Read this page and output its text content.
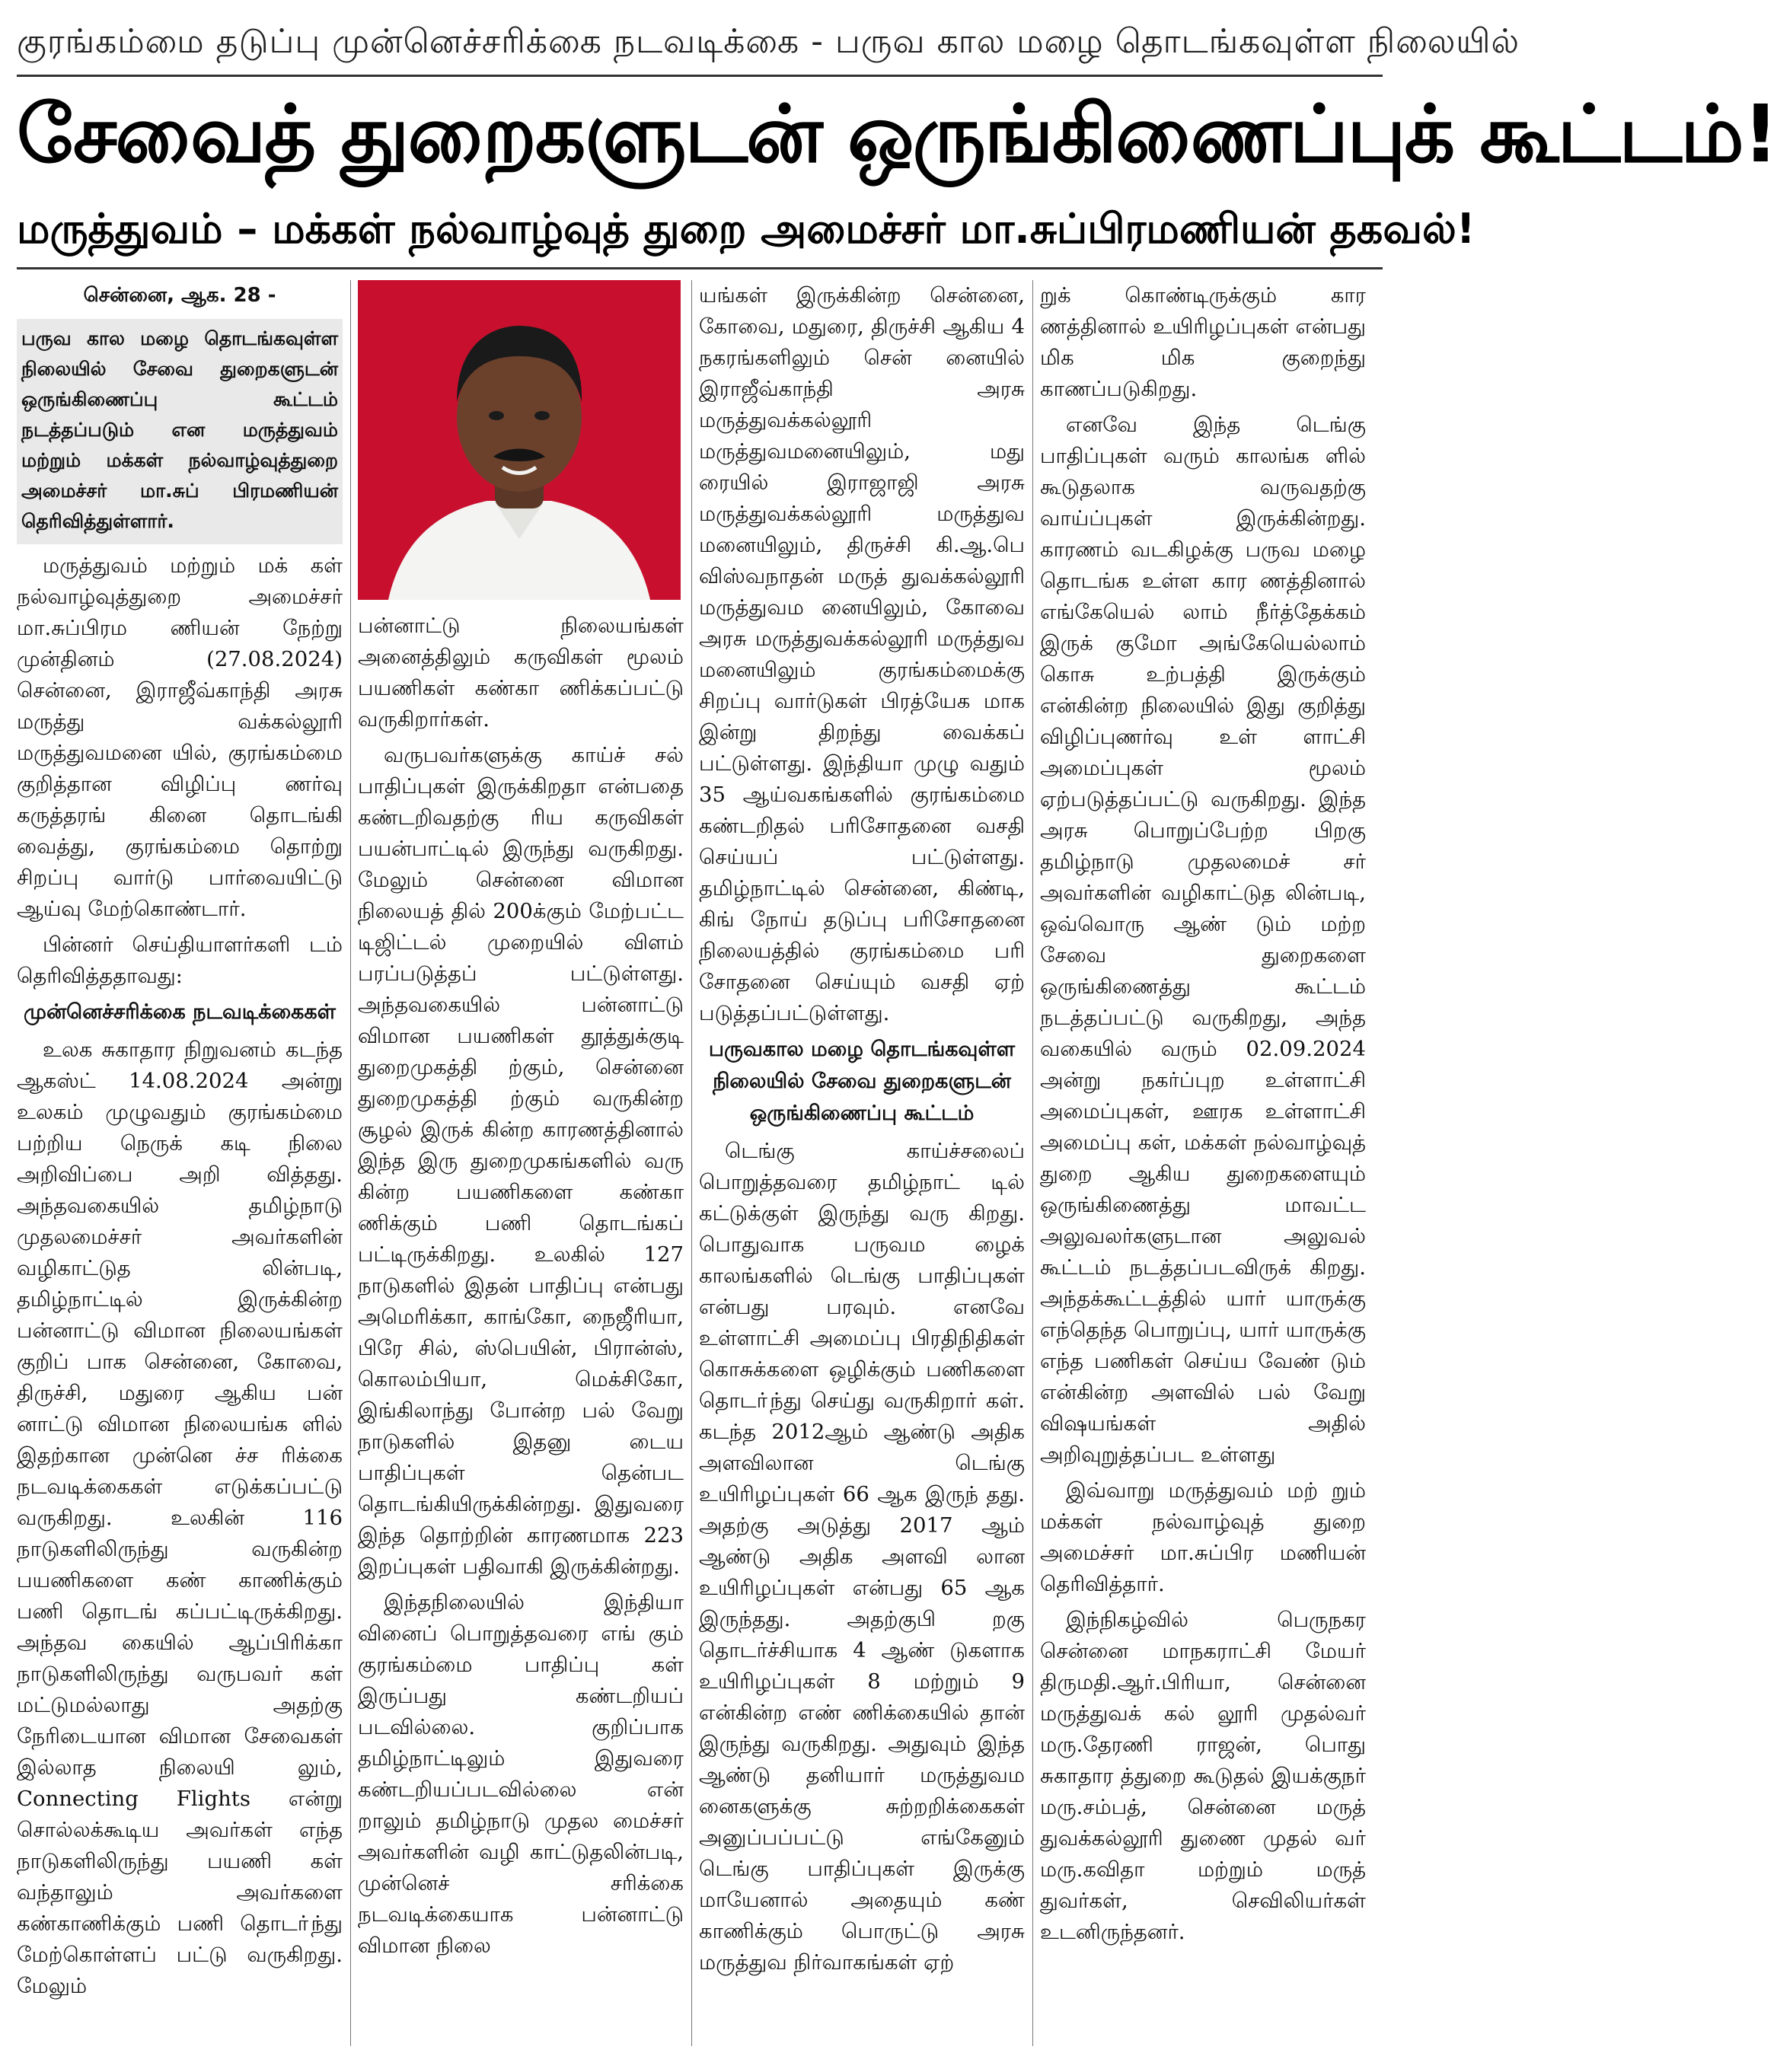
குரங்கம்மை தடுப்பு முன்னெச்சரிக்கை நடவடிக்கை - பருவ கால மழை தொடங்கவுள்ள நிலையில்
சேவைத் துறைகளுடன் ஒருங்கிணைப்புக் கூட்டம்!
மருத்துவம் – மக்கள் நல்வாழ்வுத் துறை அமைச்சர் மா.சுப்பிரமணியன் தகவல்!
சென்னை, ஆக. 28 -
பருவ கால மழை தொடங்கவுள்ள நிலையில் சேவை துறைகளுடன் ஒருங்கிணைப்பு கூட்டம் நடத்தப்படும் என மருத்துவம் மற்றும் மக்கள் நல்வாழ்வுத்துறை அமைச்சர் மா.சுப் பிரமணியன் தெரிவித்துள்ளார்.

மருத்துவம் மற்றும் மக் கள் நல்வாழ்வுத்துறை அமைச்சர் மா.சுப்பிரம ணியன் நேற்று முன்தினம் (27.08.2024) சென்னை, இராஜீவ்காந்தி அரசு மருத்து வக்கல்லூரி மருத்துவமனை யில், குரங்கம்மை குறித்தான விழிப்பு ணர்வு கருத்தரங் கினை தொடங்கி வைத்து, குரங்கம்மை தொற்று சிறப்பு வார்டு பார்வையிட்டு ஆய்வு மேற்கொண்டார்.

பின்னர் செய்தியாளர்களி டம் தெரிவித்ததாவது:

முன்னெச்சரிக்கை நடவடிக்கைகள்

உலக சுகாதார நிறுவனம் கடந்த ஆகஸ்ட் 14.08.2024 அன்று உலகம் முழுவதும் குரங்கம்மை பற்றிய நெருக் கடி நிலை அறிவிப்பை அறி வித்தது. அந்தவகையில் தமிழ்நாடு முதலமைச்சர் அவர்களின் வழிகாட்டுத லின்படி, தமிழ்நாட்டில் இருக்கின்ற பன்னாட்டு விமான நிலையங்கள் குறிப் பாக சென்னை, கோவை, திருச்சி, மதுரை ஆகிய பன் னாட்டு விமான நிலையங்க ளில் இதற்கான முன்னெ ச்ச ரிக்கை நடவடிக்கைகள் எடுக்கப்பட்டு வருகிறது. உலகின் 116 நாடுகளிலிருந்து வருகின்ற பயணிகளை கண் காணிக்கும் பணி தொடங் கப்பட்டிருக்கிறது. அந்தவ கையில் ஆப்பிரிக்கா நாடுகளிலிருந்து வருபவர் கள் மட்டுமல்லாது அதற்கு நேரிடையான விமான சேவைகள் இல்லாத நிலையி லும், Connecting Flights என்று சொல்லக்கூடிய அவர்கள் எந்த நாடுகளிலிருந்து பயணி கள் வந்தாலும் அவர்களை கண்காணிக்கும் பணி தொடா்ந்து மேற்கொள்ளப் பட்டு வருகிறது. மேலும்

பன்னாட்டு நிலையங்கள் அனைத்திலும் கருவிகள் மூலம் பயணிகள் கண்கா ணிக்கப்பட்டு வருகிறார்கள்.

வருபவர்களுக்கு காய்ச் சல் பாதிப்புகள் இருக்கிறதா என்பதை கண்டறிவதற்கு ரிய கருவிகள் பயன்பாட்டில் இருந்து வருகிறது. மேலும் சென்னை விமான நிலையத் தில் 200க்கும் மேற்பட்ட டிஜிட்டல் முறையில் விளம் பரப்படுத்தப் பட்டுள்ளது. அந்தவகையில் பன்னாட்டு விமான பயணிகள் தூத்துக்குடி துறைமுகத்தி ற்கும், சென்னை துறைமுகத்தி ற்கும் வருகின்ற சூழல் இருக் கின்ற காரணத்தினால் இந்த இரு துறைமுகங்களில் வரு கின்ற பயணிகளை கண்கா ணிக்கும் பணி தொடங்கப் பட்டிருக்கிறது. உலகில் 127 நாடுகளில் இதன் பாதிப்பு என்பது அமெரிக்கா, காங்கோ, நைஜீரியா, பிரே சில், ஸ்பெயின், பிரான்ஸ், கொலம்பியா, மெக்சிகோ, இங்கிலாந்து போன்ற பல் வேறு நாடுகளில் இதனு டைய பாதிப்புகள் தென்பட தொடங்கியிருக்கின்றது. இதுவரை இந்த தொற்றின் காரணமாக 223 இறப்புகள் பதிவாகி இருக்கின்றது.

இந்தநிலையில் இந்தியா வினைப் பொறுத்தவரை எங் கும் குரங்கம்மை பாதிப்பு கள் இருப்பது கண்டறியப் படவில்லை. குறிப்பாக தமிழ்நாட்டிலும் இதுவரை கண்டறியப்படவில்லை என் றாலும் தமிழ்நாடு முதல மைச்சர் அவர்களின் வழி காட்டுதலின்படி, முன்னெச் சரிக்கை நடவடிக்கையாக பன்னாட்டு விமான நிலை

யங்கள் இருக்கின்ற சென்னை, கோவை, மதுரை, திருச்சி ஆகிய 4 நகரங்களிலும் சென் னையில் இராஜீவ்காந்தி அரசு மருத்துவக்கல்லூரி மருத்துவமனையிலும், மது ரையில் இராஜாஜி அரசு மருத்துவக்கல்லூரி மருத்துவ மனையிலும், திருச்சி கி.ஆ.பெ விஸ்வநாதன் மருத் துவக்கல்லூரி மருத்துவம னையிலும், கோவை அரசு மருத்துவக்கல்லூரி மருத்துவ மனையிலும் குரங்கம்மைக்கு சிறப்பு வார்டுகள் பிரத்யேக மாக இன்று திறந்து வைக்கப் பட்டுள்ளது. இந்தியா முழு வதும் 35 ஆய்வகங்களில் குரங்கம்மை கண்டறிதல் பரிசோதனை வசதி செய்யப் பட்டுள்ளது. தமிழ்நாட்டில் சென்னை, கிண்டி, கிங் நோய் தடுப்பு பரிசோதனை நிலையத்தில் குரங்கம்மை பரி சோதனை செய்யும் வசதி ஏற் படுத்தப்பட்டுள்ளது.

பருவகால மழை தொடங்கவுள்ள நிலையில் சேவை துறைகளுடன் ஒருங்கிணைப்பு கூட்டம்

டெங்கு காய்ச்சலைப் பொறுத்தவரை தமிழ்நாட் டில் கட்டுக்குள் இருந்து வரு கிறது. பொதுவாக பருவம ழைக் காலங்களில் டெங்கு பாதிப்புகள் என்பது பரவும். எனவே உள்ளாட்சி அமைப்பு பிரதிநிதிகள் கொசுக்களை ஒழிக்கும் பணிகளை தொடா்ந்து செய்து வருகிறார் கள். கடந்த 2012ஆம் ஆண்டு அதிக அளவிலான டெங்கு உயிரிழப்புகள் 66 ஆக இருந் தது. அதற்கு அடுத்து 2017 ஆம் ஆண்டு அதிக அளவி லான உயிரிழப்புகள் என்பது 65 ஆக இருந்தது. அதற்குபி றகு தொடர்ச்சியாக 4 ஆண் டுகளாக உயிரிழப்புகள் 8 மற்றும் 9 என்கின்ற எண் ணிக்கையில் தான் இருந்து வருகிறது. அதுவும் இந்த ஆண்டு தனியார் மருத்துவம னைகளுக்கு சுற்றறிக்கைகள் அனுப்பப்பட்டு எங்கேனும் டெங்கு பாதிப்புகள் இருக்கு மாயேனால் அதையும் கண் காணிக்கும் பொருட்டு அரசு மருத்துவ நிர்வாகங்கள் ஏற்

றுக் கொண்டிருக்கும் கார ணத்தினால் உயிரிழப்புகள் என்பது மிக மிக குறைந்து காணப்படுகிறது.

எனவே இந்த டெங்கு பாதிப்புகள் வரும் காலங்க ளில் கூடுதலாக வருவதற்கு வாய்ப்புகள் இருக்கின்றது. காரணம் வடகிழக்கு பருவ மழை தொடங்க உள்ள கார ணத்தினால் எங்கேயெல் லாம் நீர்த்தேக்கம் இருக் குமோ அங்கேயெல்லாம் கொசு உற்பத்தி இருக்கும் என்கின்ற நிலையில் இது குறித்து விழிப்புணர்வு உள் ளாட்சி அமைப்புகள் மூலம் ஏற்படுத்தப்பட்டு வருகிறது. இந்த அரசு பொறுப்பேற்ற பிறகு தமிழ்நாடு முதலமைச் சர் அவர்களின் வழிகாட்டுத லின்படி, ஒவ்வொரு ஆண் டும் மற்ற சேவை துறைகளை ஒருங்கிணைத்து கூட்டம் நடத்தப்பட்டு வருகிறது, அந்த வகையில் வரும் 02.09.2024 அன்று நகர்ப்புற உள்ளாட்சி அமைப்புகள், ஊரக உள்ளாட்சி அமைப்பு கள், மக்கள் நல்வாழ்வுத் துறை ஆகிய துறைகளையும் ஒருங்கிணைத்து மாவட்ட அலுவலர்களுடான அலுவல் கூட்டம் நடத்தப்படவிருக் கிறது. அந்தக்கூட்டத்தில் யார் யாருக்கு எந்தெந்த பொறுப்பு, யார் யாருக்கு எந்த பணிகள் செய்ய வேண் டும் என்கின்ற அளவில் பல் வேறு விஷயங்கள் அதில் அறிவுறுத்தப்பட உள்ளது

இவ்வாறு மருத்துவம் மற் றும் மக்கள் நல்வாழ்வுத் துறை அமைச்சர் மா.சுப்பிர மணியன் தெரிவித்தார்.

இந்நிகழ்வில் பெருநகர சென்னை மாநகராட்சி மேயர் திருமதி.ஆர்.பிரியா, சென்னை மருத்துவக் கல் லூரி முதல்வர் மரு.தேரணி ராஜன், பொது சுகாதார த்துறை கூடுதல் இயக்குநர் மரு.சம்பத், சென்னை மருத் துவக்கல்லூரி துணை முதல் வர் மரு.கவிதா மற்றும் மருத் துவர்கள், செவிலியர்கள் உடனிருந்தனர்.
